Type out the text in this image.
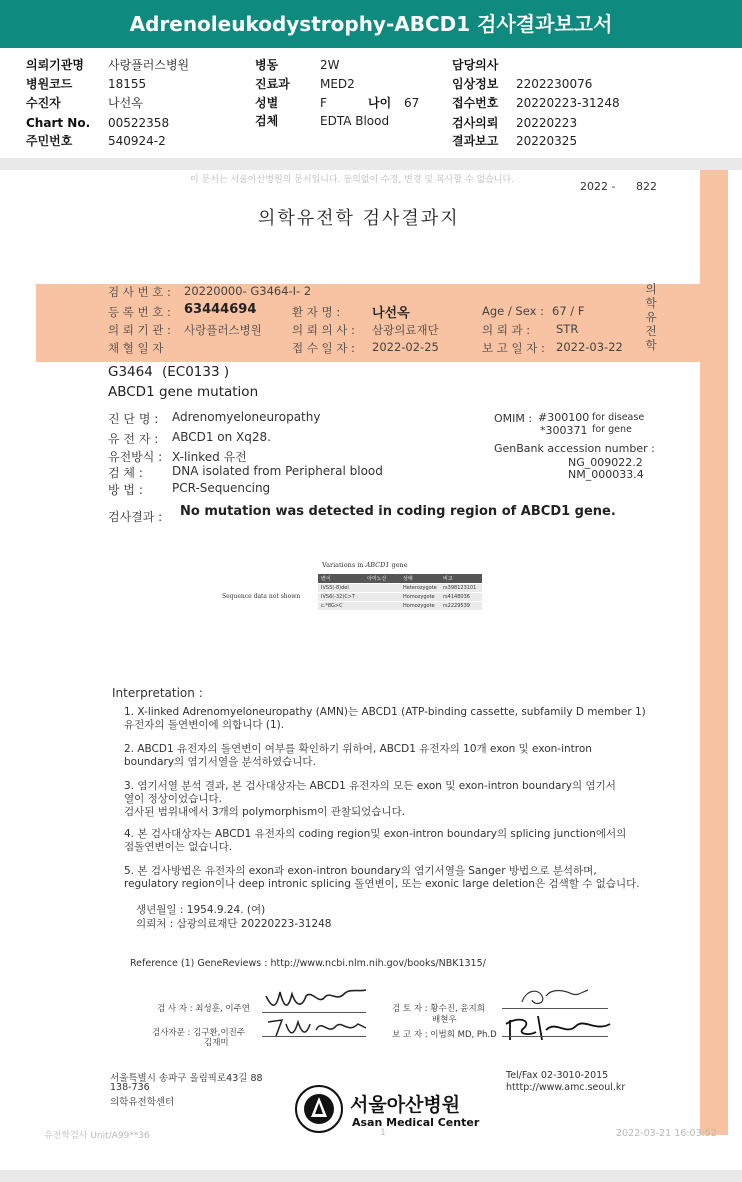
Adrenoleukodystrophy-ABCD1 검사결과보고서
의뢰기관명 사랑플러스병원
병원코드	18155
수진자	나선옥
Chart No. 00522358
주민번호	540924-2
병동	2W
진료과	MED2
성별	F	나이 67
검체	EDTA Blood
담당의사
임상정보 2202230076
접수번호 20220223-31248
검사의뢰 20220223
결과보고 20220325
이 문서는 서울아산병원의 문서입니다. 동의없이 수정, 변경 및 복사할 수 없습니다.	2022 - 822
의학유전학 검사결과지
의학유전학
검 사 번 호 : 20220000- G3464-I- 2
등 록 번 호 : 63444694	환 자 명 : 나선옥	Age / Sex : 67 / F
의 뢰 기 관 : 사랑플러스병원	의 뢰 의 사 : 삼광의료재단	의 뢰 과 : STR
채 혈 일 자	접 수 일 자 : 2022-02-25	보 고 일 자 : 2022-03-22
G3464 (EC0133 )
ABCD1 gene mutation
진 단 명 : Adrenomyeloneuropathy
유 전 자 : ABCD1 on Xq28.
유전방식 : X-linked 유전
검 체 : DNA isolated from Peripheral blood
방 법 : PCR-Sequencing
OMIM : #300100 for disease
*300371 for gene
GenBank accession number :
NG_009022.2
NM_000033.4
검사결과 : No mutation was detected in coding region of ABCD1 gene.
Variations in ABCD1 gene
Sequence data not shown
변이	아미노산	상태	비고
IVS5(-8)del		Heterozygote	rs398123101
IVS6(-32)C>T		Homozygote	rs4148036
c.*8G>C		Homozygote	rs2229539
Interpretation :
1. X-linked Adrenomyeloneuropathy (AMN)는 ABCD1 (ATP-binding cassette, subfamily D member 1)
유전자의 돌연변이에 의합니다 (1).
2. ABCD1 유전자의 돌연변이 여부를 확인하기 위하여, ABCD1 유전자의 10개 exon 및 exon-intron
boundary의 염기서열을 분석하였습니다.
3. 염기서열 분석 결과, 본 검사대상자는 ABCD1 유전자의 모든 exon 및 exon-intron boundary의 염기서
열이 정상이었습니다.
검사된 범위내에서 3개의 polymorphism이 관찰되었습니다.
4. 본 검사대상자는 ABCD1 유전자의 coding region및 exon-intron boundary의 splicing junction에서의
점돌연변이는 없습니다.
5. 본 검사방법은 유전자의 exon과 exon-intron boundary의 염기서열을 Sanger 방법으로 분석하며,
regulatory region이나 deep intronic splicing 돌연변이, 또는 exonic large deletion은 검색할 수 없습니다.
생년월일 : 1954.9.24. (여)
의뢰처 : 삼광의료재단 20220223-31248
Reference (1) GeneReviews : http://www.ncbi.nlm.nih.gov/books/NBK1315/
검 사 자 : 최성훈, 이주연	검 토 자 : 황수진, 윤지희
배현우
검사자문 : 김구환,이진주
김재미
보 고 자 : 이범희 MD, Ph.D
서울특별시 송파구 올림픽로43길 88
138-736
의학유전학센터
Tel/Fax 02-3010-2015
htttp://www.amc.seoul.kr
서울아산병원
Asan Medical Center
유전학검사 Unit/A99**36	1	2022-03-21 16:03:52
